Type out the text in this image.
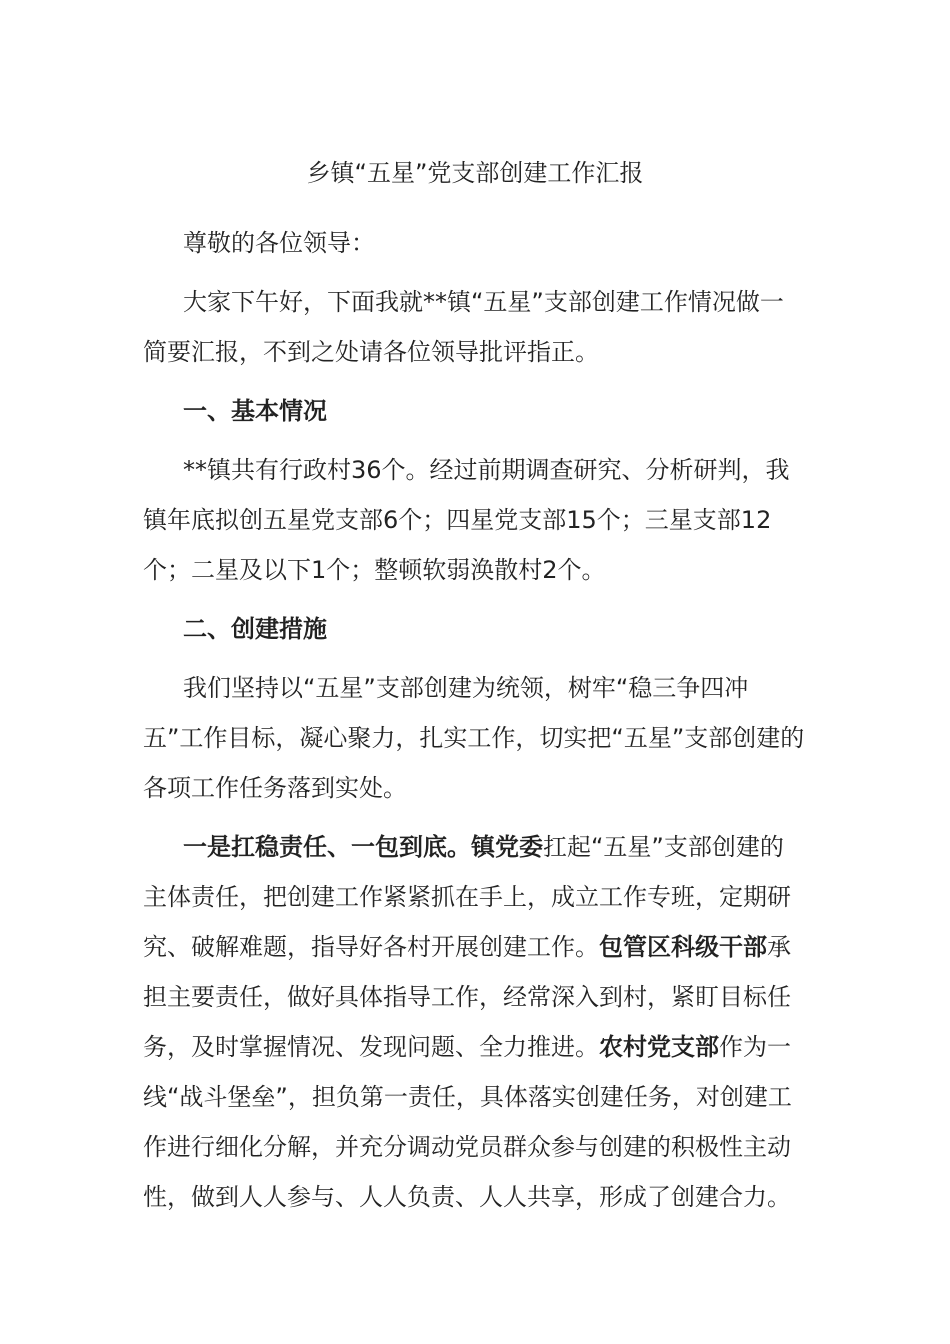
乡镇“五星”党支部创建工作汇报

尊敬的各位领导：

大家下午好，下面我就**镇“五星”支部创建工作情况做一简要汇报，不到之处请各位领导批评指正。

一、基本情况

**镇共有行政村36个。经过前期调查研究、分析研判，我镇年底拟创五星党支部6个；四星党支部15个；三星支部12个；二星及以下1个；整顿软弱涣散村2个。

二、创建措施

我们坚持以“五星”支部创建为统领，树牢“稳三争四冲五”工作目标，凝心聚力，扎实工作，切实把“五星”支部创建的各项工作任务落到实处。

一是扛稳责任、一包到底。镇党委扛起“五星”支部创建的主体责任，把创建工作紧紧抓在手上，成立工作专班，定期研究、破解难题，指导好各村开展创建工作。包管区科级干部承担主要责任，做好具体指导工作，经常深入到村，紧盯目标任务，及时掌握情况、发现问题、全力推进。农村党支部作为一线“战斗堡垒”，担负第一责任，具体落实创建任务，对创建工作进行细化分解，并充分调动党员群众参与创建的积极性主动性，做到人人参与、人人负责、人人共享，形成了创建合力。
